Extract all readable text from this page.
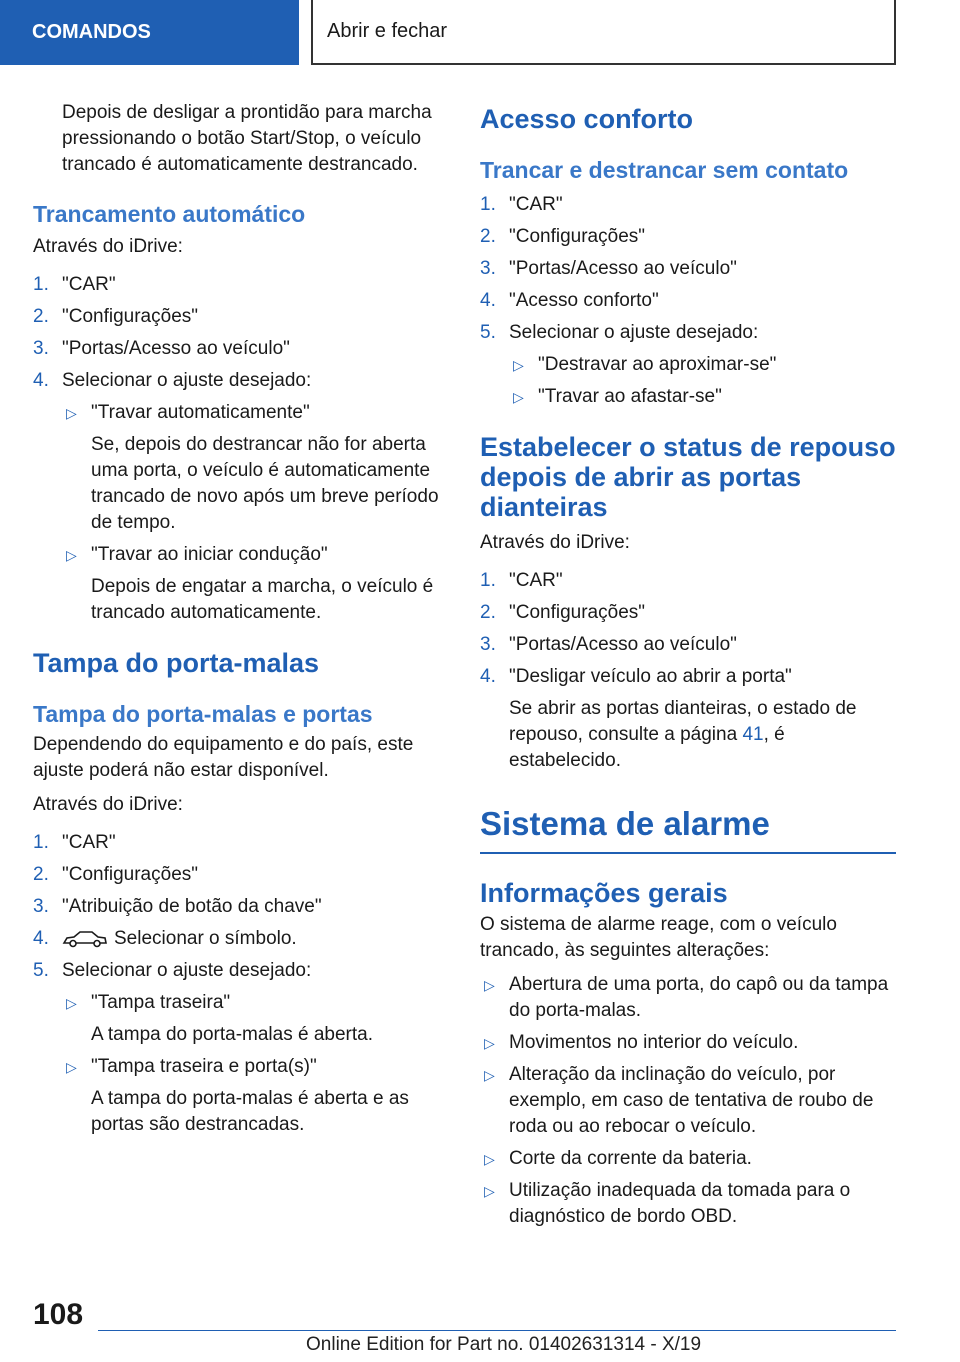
COMANDOS	Abrir e fechar

Depois de desligar a prontidão para marcha pressionando o botão Start/Stop, o veículo trancado é automaticamente destrancado.

Trancamento automático

Através do iDrive:

1. "CAR"
2. "Configurações"
3. "Portas/Acesso ao veículo"
4. Selecionar o ajuste desejado:
▷ "Travar automaticamente"
Se, depois do destrancar não for aberta uma porta, o veículo é automaticamente trancado de novo após um breve período de tempo.
▷ "Travar ao iniciar condução"
Depois de engatar a marcha, o veículo é trancado automaticamente.
Tampa do porta-malas
Tampa do porta-malas e portas

Dependendo do equipamento e do país, este ajuste poderá não estar disponível.

Através do iDrive:

1. "CAR"
2. "Configurações"
3. "Atribuição de botão da chave"
4.	Selecionar o símbolo.
5. Selecionar o ajuste desejado:
▷ "Tampa traseira"
A tampa do porta-malas é aberta.
▷ "Tampa traseira e porta(s)"
A tampa do porta-malas é aberta e as portas são destrancadas.
Acesso conforto
Trancar e destrancar sem contato
1. "CAR"
2. "Configurações"
3. "Portas/Acesso ao veículo"
4. "Acesso conforto"
5. Selecionar o ajuste desejado:
▷ "Destravar ao aproximar-se"
▷ "Travar ao afastar-se"
Estabelecer o status de repouso depois de abrir as portas dianteiras

Através do iDrive:

1. "CAR"
2. "Configurações"
3. "Portas/Acesso ao veículo"
4. "Desligar veículo ao abrir a porta"

Se abrir as portas dianteiras, o estado de repouso, consulte a página 41, é estabelecido.

Sistema de alarme
Informações gerais

O sistema de alarme reage, com o veículo trancado, às seguintes alterações:

▷ Abertura de uma porta, do capô ou da tampa do porta-malas.
▷ Movimentos no interior do veículo.
▷ Alteração da inclinação do veículo, por exemplo, em caso de tentativa de roubo de roda ou ao rebocar o veículo.
▷ Corte da corrente da bateria.
▷ Utilização inadequada da tomada para o diagnóstico de bordo OBD.
108
Online Edition for Part no. 01402631314 - X/19
